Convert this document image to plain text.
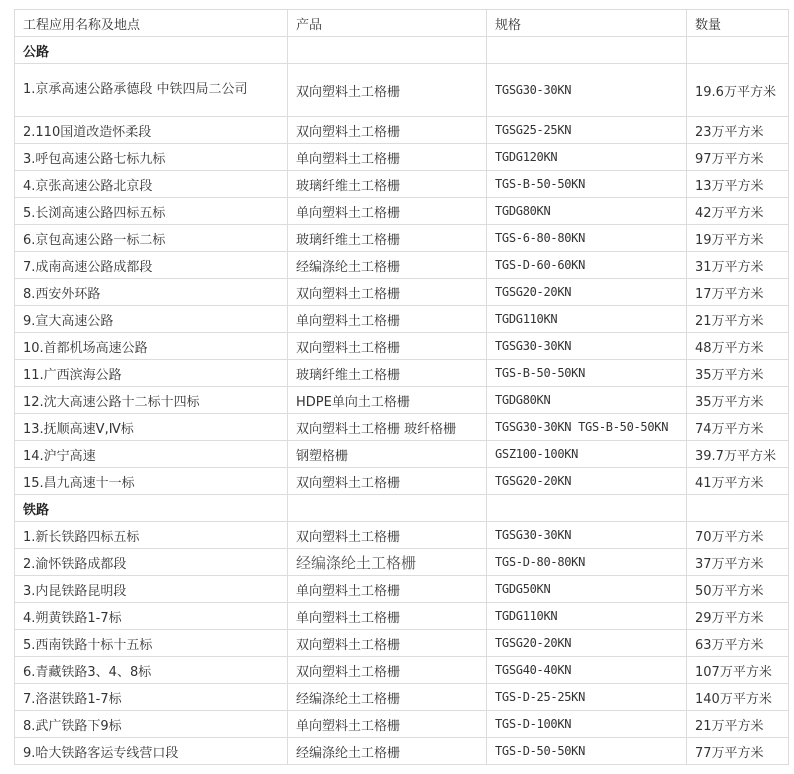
工程应用名称及地点	产品	规格	数量
公路			
1.京承高速公路承德段 中铁四局二公司	双向塑料土工格栅	TGSG30-30KN	19.6万平方米
2.110国道改造怀柔段	双向塑料土工格栅	TGSG25-25KN	23万平方米
3.呼包高速公路七标九标	单向塑料土工格栅	TGDG120KN	97万平方米
4.京张高速公路北京段	玻璃纤维土工格栅	TGS-B-50-50KN	13万平方米
5.长浏高速公路四标五标	单向塑料土工格栅	TGDG80KN	42万平方米
6.京包高速公路一标二标	玻璃纤维土工格栅	TGS-6-80-80KN	19万平方米
7.成南高速公路成都段	经编涤纶土工格栅	TGS-D-60-60KN	31万平方米
8.西安外环路	双向塑料土工格栅	TGSG20-20KN	17万平方米
9.宣大高速公路	单向塑料土工格栅	TGDG110KN	21万平方米
10.首都机场高速公路	双向塑料土工格栅	TGSG30-30KN	48万平方米
11.广西滨海公路	玻璃纤维土工格栅	TGS-B-50-50KN	35万平方米
12.沈大高速公路十二标十四标	HDPE单向土工格栅	TGDG80KN	35万平方米
13.抚顺高速Ⅴ,Ⅳ标	双向塑料土工格栅 玻纤格栅	TGSG30-30KN TGS-B-50-50KN	74万平方米
14.沪宁高速	钢塑格栅	GSZ100-100KN	39.7万平方米
15.昌九高速十一标	双向塑料土工格栅	TGSG20-20KN	41万平方米
铁路			
1.新长铁路四标五标	双向塑料土工格栅	TGSG30-30KN	70万平方米
2.渝怀铁路成都段	经编涤纶土工格栅	TGS-D-80-80KN	37万平方米
3.内昆铁路昆明段	单向塑料土工格栅	TGDG50KN	50万平方米
4.朔黄铁路1-7标	单向塑料土工格栅	TGDG110KN	29万平方米
5.西南铁路十标十五标	双向塑料土工格栅	TGSG20-20KN	63万平方米
6.青藏铁路3、4、8标	双向塑料土工格栅	TGSG40-40KN	107万平方米
7.洛湛铁路1-7标	经编涤纶土工格栅	TGS-D-25-25KN	140万平方米
8.武广铁路下9标	单向塑料土工格栅	TGS-D-100KN	21万平方米
9.哈大铁路客运专线营口段	经编涤纶土工格栅	TGS-D-50-50KN	77万平方米
